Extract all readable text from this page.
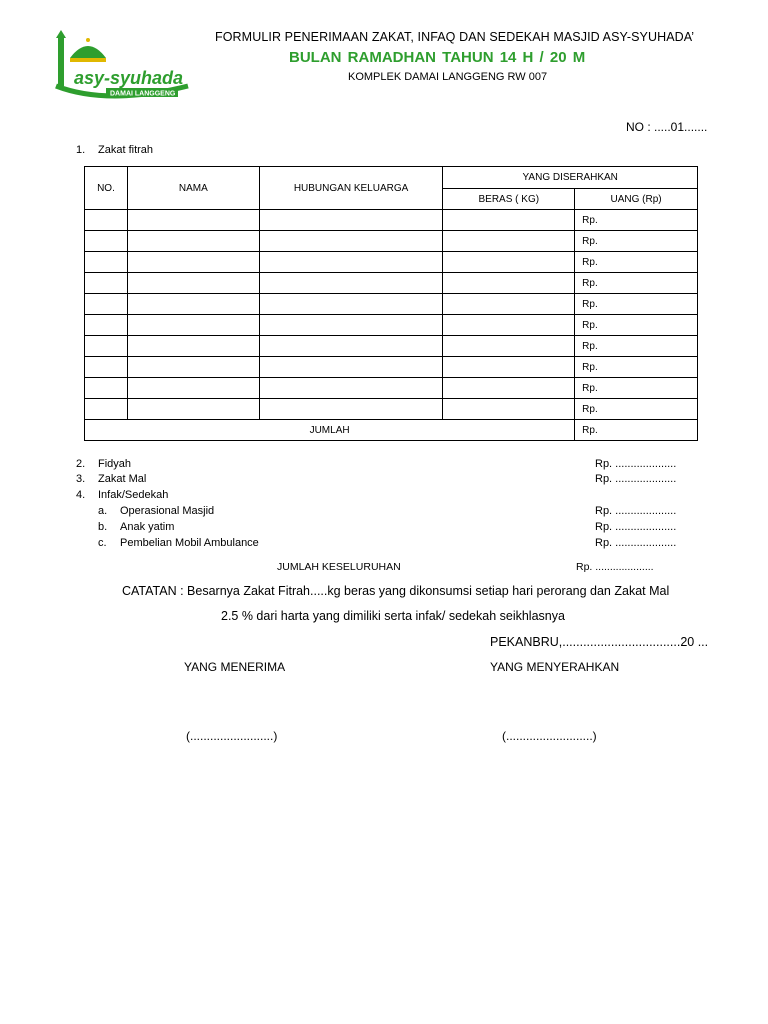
asy-syuhada
DAMAI LANGGENG
FORMULIR PENERIMAAN ZAKAT, INFAQ DAN SEDEKAH MASJID ASY-SYUHADA’
BULAN RAMADHAN TAHUN 14 H / 20 M
KOMPLEK DAMAI LANGGENG RW 007
NO : .....01.......
1. Zakat fitrah
NO.	NAMA	HUBUNGAN KELUARGA	YANG DISERAHKAN	
			BERAS ( KG)	UANG (Rp)
				Rp.
				Rp.
				Rp.
				Rp.
				Rp.
				Rp.
				Rp.
				Rp.
				Rp.
				Rp.
JUMLAH				Rp.
2. Fidyah	Rp. ....................
3. Zakat Mal	Rp. ....................
4. Infak/Sedekah
a. Operasional Masjid	Rp. ....................
b. Anak yatim	Rp. ....................
c. Pembelian Mobil Ambulance	Rp. ....................
JUMLAH KESELURUHAN	Rp. ....................
CATATAN : Besarnya Zakat Fitrah.....kg beras yang dikonsumsi setiap hari perorang dan Zakat Mal
2.5 % dari harta yang dimiliki serta infak/ sedekah seikhlasnya
PEKANBRU,..................................20 ...
YANG MENERIMA	YANG MENYERAHKAN
(.........................)	(..........................)
